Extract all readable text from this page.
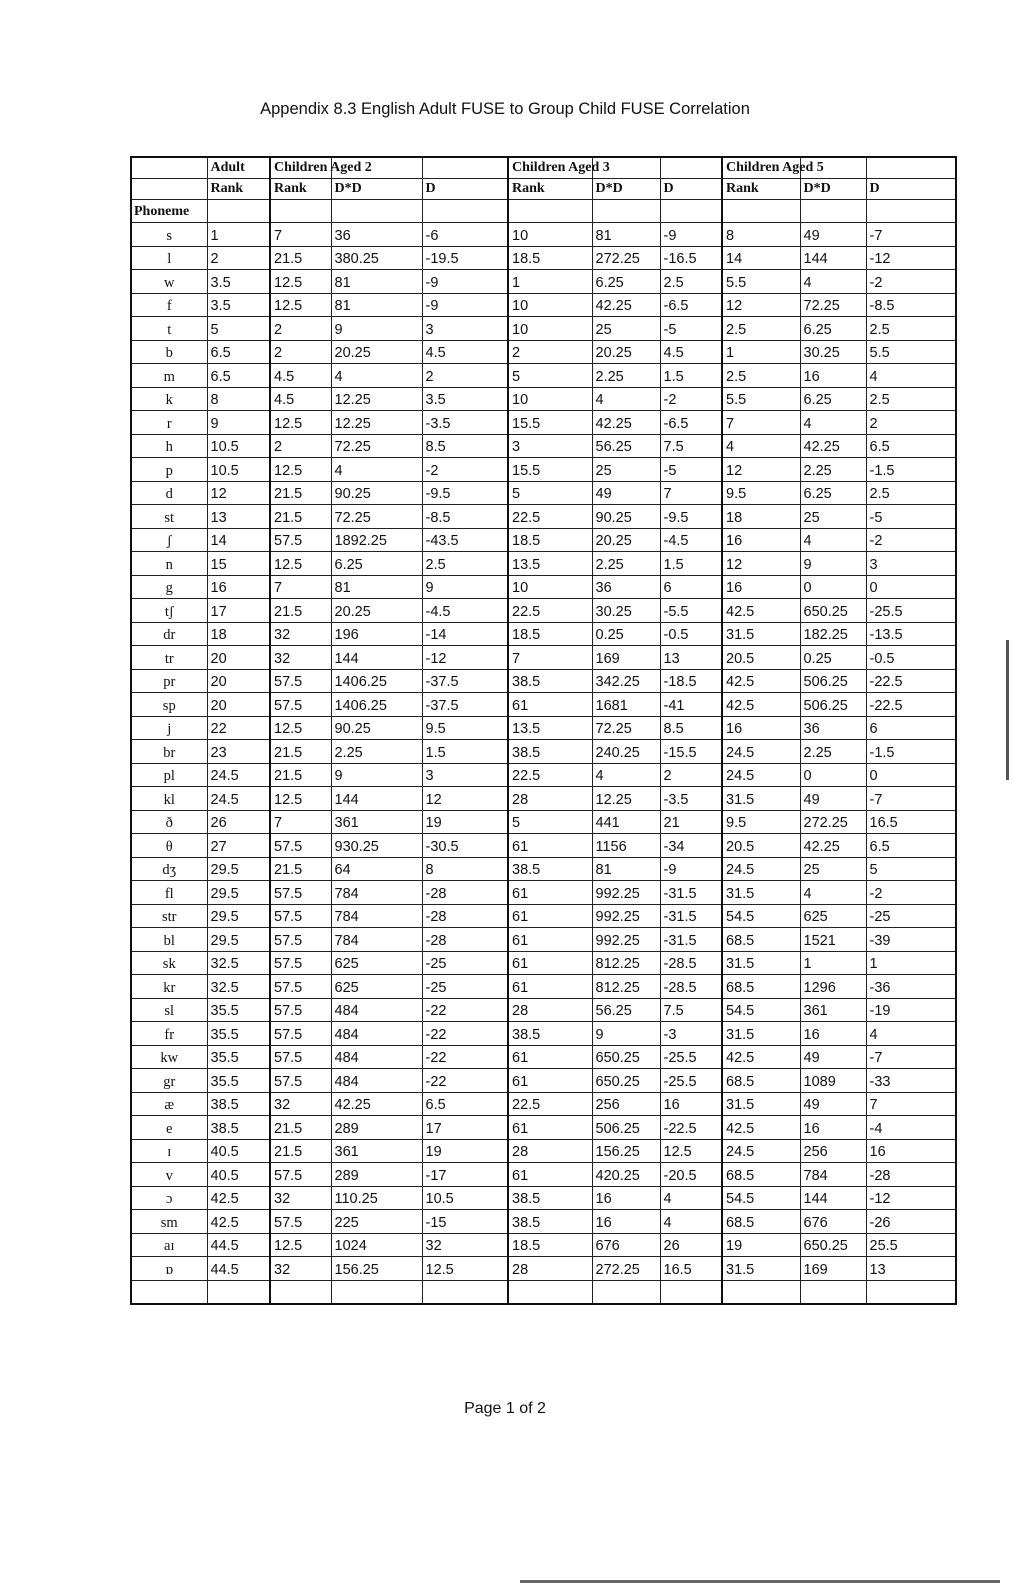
Appendix 8.3 English Adult FUSE to Group Child FUSE Correlation
	Adult	Children Aged 2			Children Aged 3			Children Aged 5		
	Rank	Rank	D*D	D	Rank	D*D	D	Rank	D*D	D
Phoneme										
s	1	7	36	-6	10	81	-9	8	49	-7
l	2	21.5	380.25	-19.5	18.5	272.25	-16.5	14	144	-12
w	3.5	12.5	81	-9	1	6.25	2.5	5.5	4	-2
f	3.5	12.5	81	-9	10	42.25	-6.5	12	72.25	-8.5
t	5	2	9	3	10	25	-5	2.5	6.25	2.5
b	6.5	2	20.25	4.5	2	20.25	4.5	1	30.25	5.5
m	6.5	4.5	4	2	5	2.25	1.5	2.5	16	4
k	8	4.5	12.25	3.5	10	4	-2	5.5	6.25	2.5
r	9	12.5	12.25	-3.5	15.5	42.25	-6.5	7	4	2
h	10.5	2	72.25	8.5	3	56.25	7.5	4	42.25	6.5
p	10.5	12.5	4	-2	15.5	25	-5	12	2.25	-1.5
d	12	21.5	90.25	-9.5	5	49	7	9.5	6.25	2.5
st	13	21.5	72.25	-8.5	22.5	90.25	-9.5	18	25	-5
ʃ	14	57.5	1892.25	-43.5	18.5	20.25	-4.5	16	4	-2
n	15	12.5	6.25	2.5	13.5	2.25	1.5	12	9	3
g	16	7	81	9	10	36	6	16	0	0
tʃ	17	21.5	20.25	-4.5	22.5	30.25	-5.5	42.5	650.25	-25.5
dr	18	32	196	-14	18.5	0.25	-0.5	31.5	182.25	-13.5
tr	20	32	144	-12	7	169	13	20.5	0.25	-0.5
pr	20	57.5	1406.25	-37.5	38.5	342.25	-18.5	42.5	506.25	-22.5
sp	20	57.5	1406.25	-37.5	61	1681	-41	42.5	506.25	-22.5
j	22	12.5	90.25	9.5	13.5	72.25	8.5	16	36	6
br	23	21.5	2.25	1.5	38.5	240.25	-15.5	24.5	2.25	-1.5
pl	24.5	21.5	9	3	22.5	4	2	24.5	0	0
kl	24.5	12.5	144	12	28	12.25	-3.5	31.5	49	-7
ð	26	7	361	19	5	441	21	9.5	272.25	16.5
θ	27	57.5	930.25	-30.5	61	1156	-34	20.5	42.25	6.5
dʒ	29.5	21.5	64	8	38.5	81	-9	24.5	25	5
fl	29.5	57.5	784	-28	61	992.25	-31.5	31.5	4	-2
str	29.5	57.5	784	-28	61	992.25	-31.5	54.5	625	-25
bl	29.5	57.5	784	-28	61	992.25	-31.5	68.5	1521	-39
sk	32.5	57.5	625	-25	61	812.25	-28.5	31.5	1	1
kr	32.5	57.5	625	-25	61	812.25	-28.5	68.5	1296	-36
sl	35.5	57.5	484	-22	28	56.25	7.5	54.5	361	-19
fr	35.5	57.5	484	-22	38.5	9	-3	31.5	16	4
kw	35.5	57.5	484	-22	61	650.25	-25.5	42.5	49	-7
gr	35.5	57.5	484	-22	61	650.25	-25.5	68.5	1089	-33
æ	38.5	32	42.25	6.5	22.5	256	16	31.5	49	7
e	38.5	21.5	289	17	61	506.25	-22.5	42.5	16	-4
ɪ	40.5	21.5	361	19	28	156.25	12.5	24.5	256	16
v	40.5	57.5	289	-17	61	420.25	-20.5	68.5	784	-28
ɔ	42.5	32	110.25	10.5	38.5	16	4	54.5	144	-12
sm	42.5	57.5	225	-15	38.5	16	4	68.5	676	-26
aɪ	44.5	12.5	1024	32	18.5	676	26	19	650.25	25.5
ɒ	44.5	32	156.25	12.5	28	272.25	16.5	31.5	169	13

Page 1 of 2
